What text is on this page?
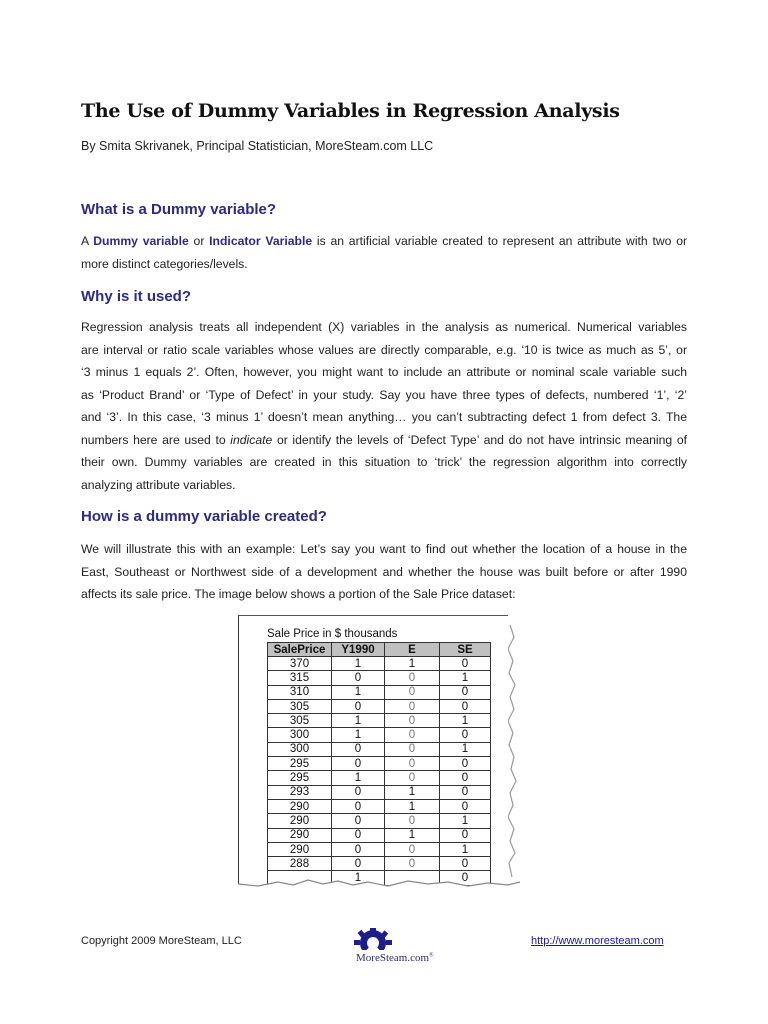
The Use of Dummy Variables in Regression Analysis
By Smita Skrivanek, Principal Statistician, MoreSteam.com LLC
What is a Dummy variable?
A Dummy variable or Indicator Variable is an artificial variable created to represent an attribute with two or
more distinct categories/levels.
Why is it used?
Regression analysis treats all independent (X) variables in the analysis as numerical. Numerical variables
are interval or ratio scale variables whose values are directly comparable, e.g. ‘10 is twice as much as 5’, or
‘3 minus 1 equals 2’. Often, however, you might want to include an attribute or nominal scale variable such
as ‘Product Brand’ or ‘Type of Defect’ in your study. Say you have three types of defects, numbered ‘1’, ‘2’
and ‘3’. In this case, ‘3 minus 1’ doesn’t mean anything… you can’t subtracting defect 1 from defect 3. The
numbers here are used to indicate or identify the levels of ‘Defect Type’ and do not have intrinsic meaning of
their own. Dummy variables are created in this situation to ‘trick’ the regression algorithm into correctly
analyzing attribute variables.
How is a dummy variable created?
We will illustrate this with an example: Let’s say you want to find out whether the location of a house in the
East, Southeast or Northwest side of a development and whether the house was built before or after 1990
affects its sale price. The image below shows a portion of the Sale Price dataset:
Sale Price in $ thousands
SalePrice	Y1990	E	SE
370	1	1	0
315	0	0	1
310	1	0	0
305	0	0	0
305	1	0	1
300	1	0	0
300	0	0	1
295	0	0	0
295	1	0	0
293	0	1	0
290	0	1	0
290	0	0	1
290	0	1	0
290	0	0	1
288	0	0	0
	1		0
Copyright 2009 MoreSteam, LLC
MoreSteam.com®
http://www.moresteam.com
